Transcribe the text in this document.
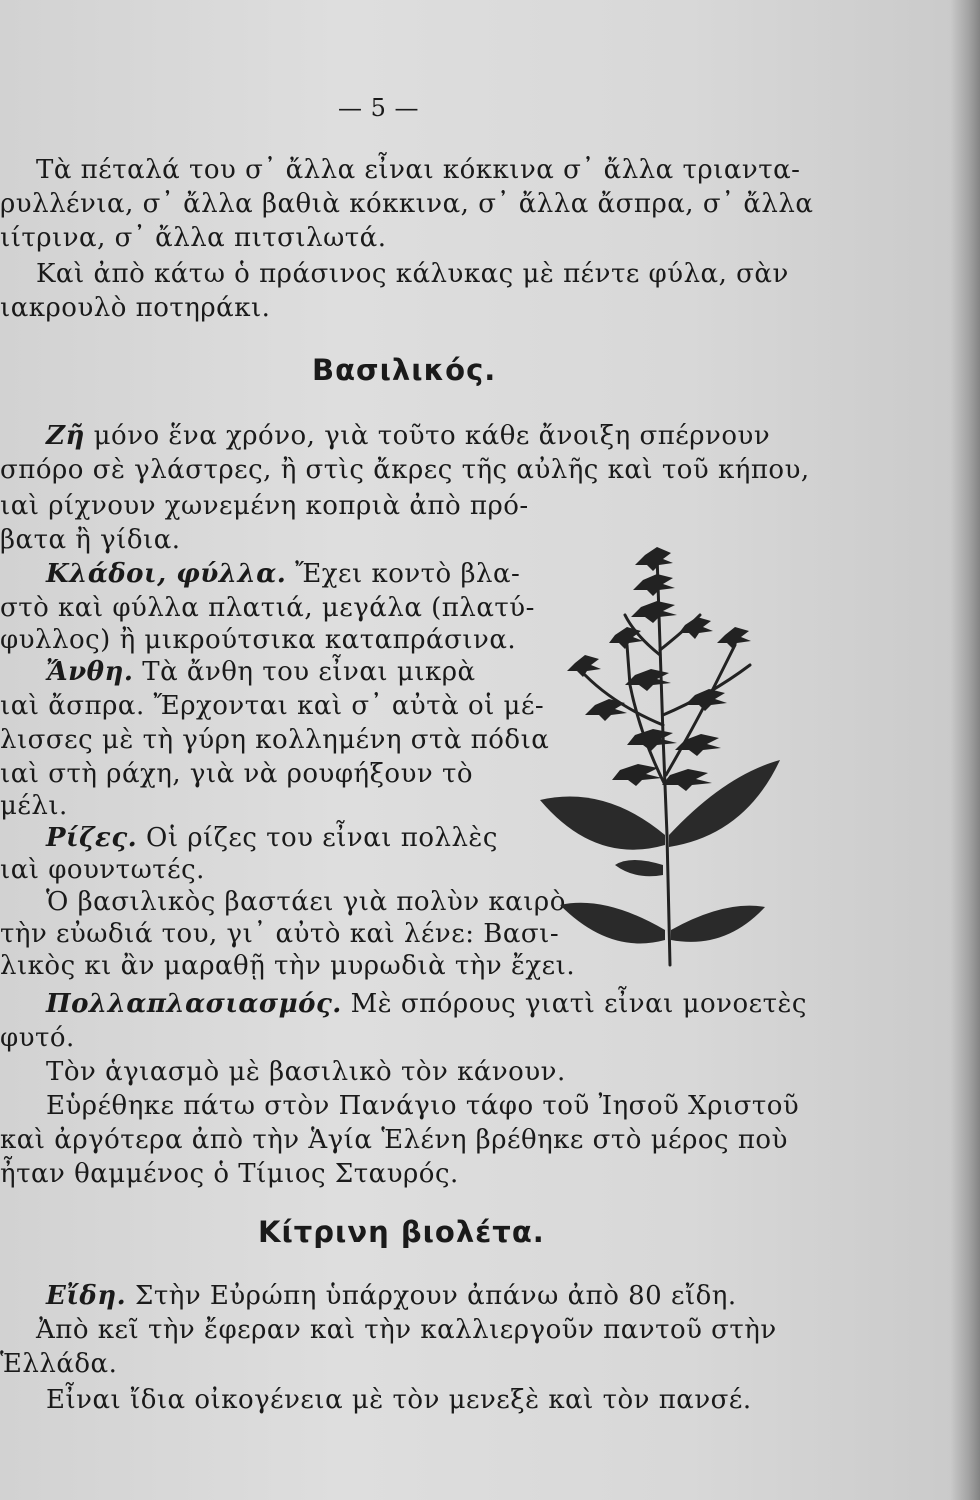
— 5 —
Τὰ πέταλά του σ᾽ ἄλλα εἶναι κόκκινα σ᾽ ἄλλα τριαντα-
ρυλλένια, σ᾽ ἄλλα βαθιὰ κόκκινα, σ᾽ ἄλλα ἄσπρα, σ᾽ ἄλλα
ιίτρινα, σ᾽ ἄλλα πιτσιλωτά.
Καὶ ἀπὸ κάτω ὁ πράσινος κάλυκας μὲ πέντε φύλα, σὰν
ιακρουλὸ ποτηράκι.
Βασιλικός.
Ζῆ μόνο ἕνα χρόνο, γιὰ τοῦτο κάθε ἄνοιξη σπέρνουν
σπόρο σὲ γλάστρες, ἢ στὶς ἄκρες τῆς αὐλῆς καὶ τοῦ κήπου,
ιαὶ ρίχνουν χωνεμένη κοπριὰ ἀπὸ πρό-
βατα ἢ γίδια.
Κλάδοι, φύλλα. Ἔχει κοντὸ βλα-
στὸ καὶ φύλλα πλατιά, μεγάλα (πλατύ-
φυλλος) ἢ μικρούτσικα καταπράσινα.
Ἄνθη. Τὰ ἄνθη του εἶναι μικρὰ
ιαὶ ἄσπρα. Ἔρχονται καὶ σ᾽ αὐτὰ οἱ μέ-
λισσες μὲ τὴ γύρη κολλημένη στὰ πόδια
ιαὶ στὴ ράχη, γιὰ νὰ ρουφήξουν τὸ
μέλι.
Ρίζες. Οἱ ρίζες του εἶναι πολλὲς
ιαὶ φουντωτές.
Ὁ βασιλικὸς βαστάει γιὰ πολὺν καιρὸ
τὴν εὐωδιά του, γι᾽ αὐτὸ καὶ λένε: Βασι-
λικὸς κι ἂν μαραθῇ τὴν μυρωδιὰ τὴν ἔχει.
Πολλαπλασιασμός. Μὲ σπόρους γιατὶ εἶναι μονοετὲς
φυτό.
Τὸν ἁγιασμὸ μὲ βασιλικὸ τὸν κάνουν.
Εὑρέθηκε πάτω στὸν Πανάγιο τάφο τοῦ Ἰησοῦ Χριστοῦ
καὶ ἀργότερα ἀπὸ τὴν Ἁγία Ἑλένη βρέθηκε στὸ μέρος ποὺ
ἦταν θαμμένος ὁ Τίμιος Σταυρός.
Κίτρινη βιολέτα.
Εἴδη. Στὴν Εὐρώπη ὑπάρχουν ἀπάνω ἀπὸ 80 εἴδη.
Ἀπὸ κεῖ τὴν ἔφεραν καὶ τὴν καλλιεργοῦν παντοῦ στὴν
Ἑλλάδα.
Εἶναι ἴδια οἰκογένεια μὲ τὸν μενεξὲ καὶ τὸν πανσέ.
